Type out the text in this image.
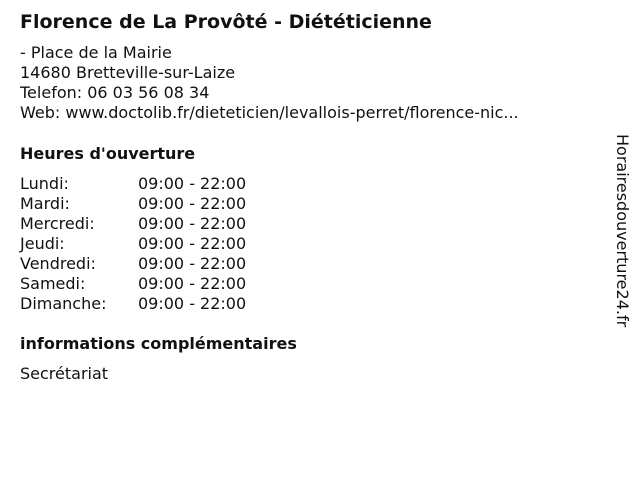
Florence de La Provôté - Diététicienne
- Place de la Mairie
14680 Bretteville-sur-Laize
Telefon: 06 03 56 08 34
Web: www.doctolib.fr/dieteticien/levallois-perret/florence-nic...
Heures d'ouverture
Lundi:	09:00 - 22:00
Mardi:	09:00 - 22:00
Mercredi:	09:00 - 22:00
Jeudi:	09:00 - 22:00
Vendredi:	09:00 - 22:00
Samedi:	09:00 - 22:00
Dimanche:	09:00 - 22:00
informations complémentaires
Secrétariat
Horairesdouverture24.fr
